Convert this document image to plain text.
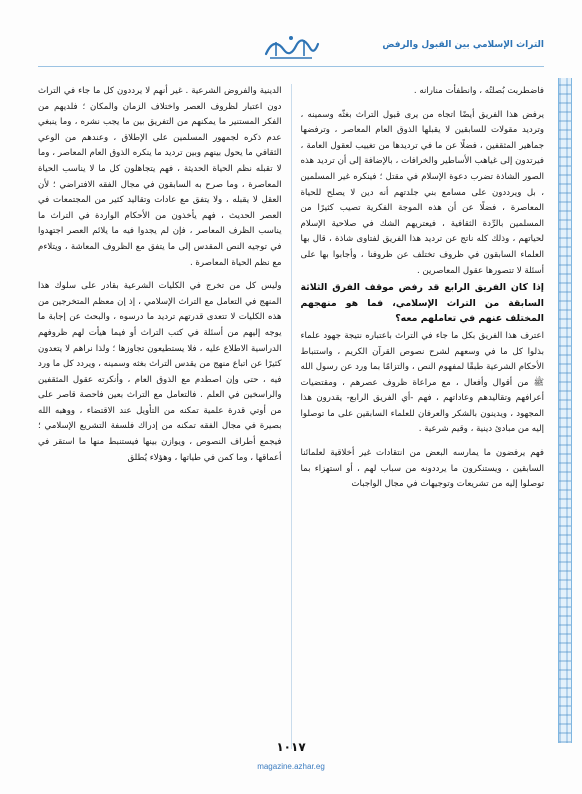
التراث الإسلامي بين القبول والرفض

فاضطربت بُصلتُه ، وانطفأت منارانه .

يرفض هذا الفريق أيضًا اتجاه من يرى قبول التراث بغثّه وسمينه ، وترديد مقولات للسابقين لا يقبلها الذوق العام المعاصر ، وترفضها جماهير المثقفين ، فضلًا عن ما في ترديدها من تغييب لعقول العامة ، فيرتدون إلى غياهب الأساطير والخرافات ، بالإضافة إلى أن ترديد هذه الصور الشاذة تضرب دعوة الإسلام في مقتل ؛ فينكره غير المسلمين ، بل ويرددون على مسامع بني جلدتهم أنه دين لا يصلح للحياة المعاصرة ، فضلًا عن أن هذه الموجة الفكرية تصيب كثيرًا من المسلمين بالرِّدة الثقافية ، فيعتريهم الشك في صلاحية الإسلام لحياتهم ، وذلك كله ناتج عن ترديد هذا الفريق لفتاوى شاذة ، قال بها العلماء السابقون في ظروف تختلف عن ظروفنا ، وأجابوا بها على أسئلة لا تتصورها عقول المعاصرين .

إذا كان الفريق الرابع قد رفض موقف الفرق الثلاثة السابقة من التراث الإسلامي، فما هو منهجهم المختلف عنهم في تعاملهم معه؟

اعترف هذا الفريق بكل ما جاء في التراث باعتباره نتيجة جهود علماء بذلوا كل ما في وسعهم لشرح نصوص القرآن الكريم ، واستنباط الأحكام الشرعية طبقًا لمفهوم النص ، والتزامًا بما ورد عن رسول الله ﷺ من أقوال وأفعال ، مع مراعاة ظروف عصرهم ، ومقتضيات أعرافهم وتقاليدهم وعاداتهم ، فهم -أي الفريق الرابع- يقدرون هذا المجهود ، ويدينون بالشكر والعرفان للعلماء السابقين على ما توصلوا إليه من مبادئ دينية ، وقيم شرعية .

فهم يرفضون ما يمارسه البعض من انتقادات غير أخلاقية لعلمائنا السابقين ، ويستنكرون ما يرددونه من سباب لهم ، أو استهزاء بما توصلوا إليه من تشريعات وتوجيهات في مجال الواجبات

الدينية والفروض الشرعية . غير أنهم لا يرددون كل ما جاء في التراث دون اعتبار لظروف العصر واختلاف الزمان والمكان ؛ فلديهم من الفكر المستنير ما يمكنهم من التفريق بين ما يجب نشره ، وما ينبغي عدم ذكره لجمهور المسلمين على الإطلاق ، وعندهم من الوعي الثقافي ما يحول بينهم وبين ترديد ما ينكره الذوق العام المعاصر ، وما لا تقبله نظم الحياة الحديثة ، فهم يتجاهلون كل ما لا يناسب الحياة المعاصرة ، وما صرح به السابقون في مجال الفقه الافتراضي ؛ لأن العقل لا يقبله ، ولا يتفق مع عادات وتقاليد كثير من المجتمعات في العصر الحديث ، فهم يأخذون من الأحكام الواردة في التراث ما يناسب الظرف المعاصر ، فإن لم يجدوا فيه ما يلائم العصر اجتهدوا في توجيه النص المقدس إلى ما يتفق مع الظروف المعاشة ، ويتلاءم مع نظم الحياة المعاصرة .

وليس كل من تخرج في الكليات الشرعية بقادر على سلوك هذا المنهج في التعامل مع التراث الإسلامي ، إذ إن معظم المتخرجين من هذه الكليات لا تتعدى قدرتهم ترديد ما درسوه ، والبحث عن إجابة ما يوجه إليهم من أسئلة في كتب التراث أو فيما هيأت لهم ظروفهم الدراسية الاطلاع عليه ، فلا يستطيعون تجاوزها ؛ ولذا نراهم لا يتعدون كثيرًا عن اتباع منهج من يقدس التراث بغثه وسمينه ، ويردد كل ما ورد فيه ، حتى وإن اصطدم مع الذوق العام ، وأنكرته عقول المثقفين والراسخين في العلم . فالتعامل مع التراث بعين فاحصة قاصر على من أوتي قدرة علمية تمكنه من التأويل عند الاقتضاء ، ووهبه الله بصيرة في مجال الفقه تمكنه من إدراك فلسفة التشريع الإسلامي ؛ فيجمع أطراف النصوص ، ويوازن بينها فيستنبط منها ما استقر في أعماقها ، وما كمن في طياتها ، وهؤلاء يُطلق

١٠١٧
magazine.azhar.eg
